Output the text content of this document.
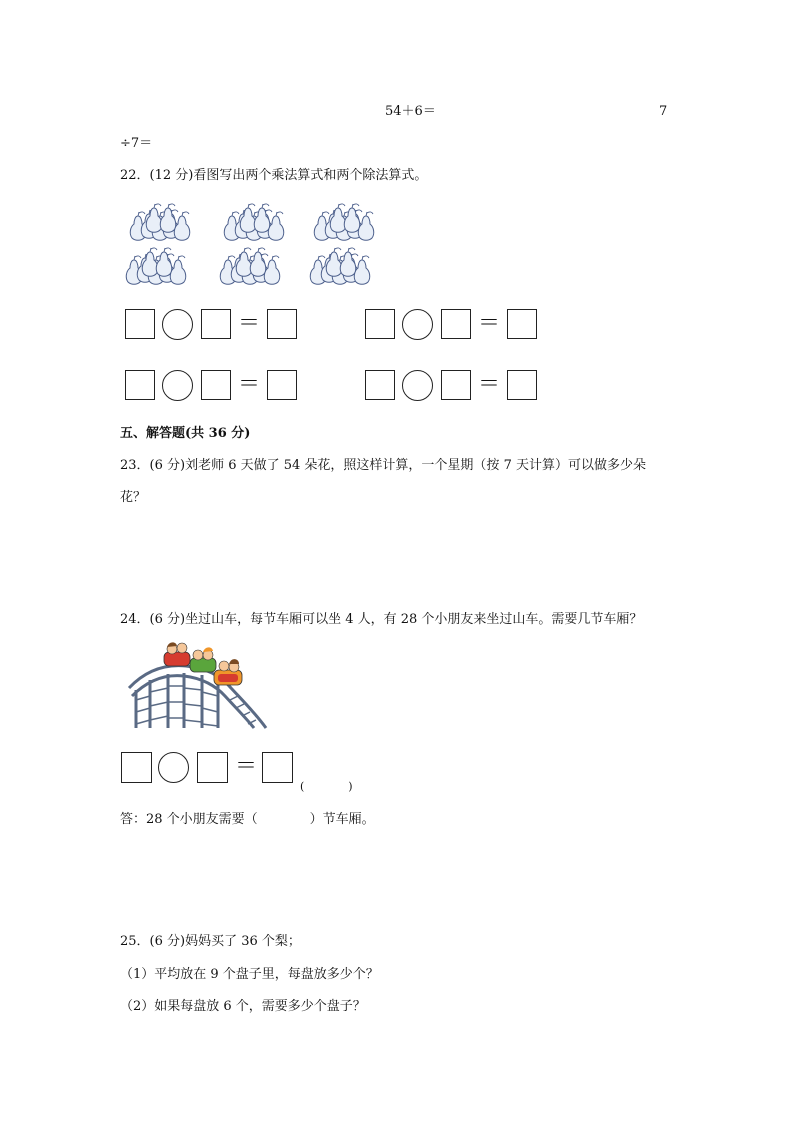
54＋6＝	7
÷7＝
22．(12 分)看图写出两个乘法算式和两个除法算式。
＝	＝
＝	＝
五、解答题(共 36 分)
23．(6 分)刘老师 6 天做了 54 朵花，照这样计算，一个星期（按 7 天计算）可以做多少朵
花？
24．(6 分)坐过山车，每节车厢可以坐 4 人，有 28 个小朋友来坐过山车。需要几节车厢？
＝
(　　　　)
答：28 个小朋友需要（　　　　）节车厢。
25．(6 分)妈妈买了 36 个梨；
（1）平均放在 9 个盘子里，每盘放多少个？
（2）如果每盘放 6 个，需要多少个盘子？
